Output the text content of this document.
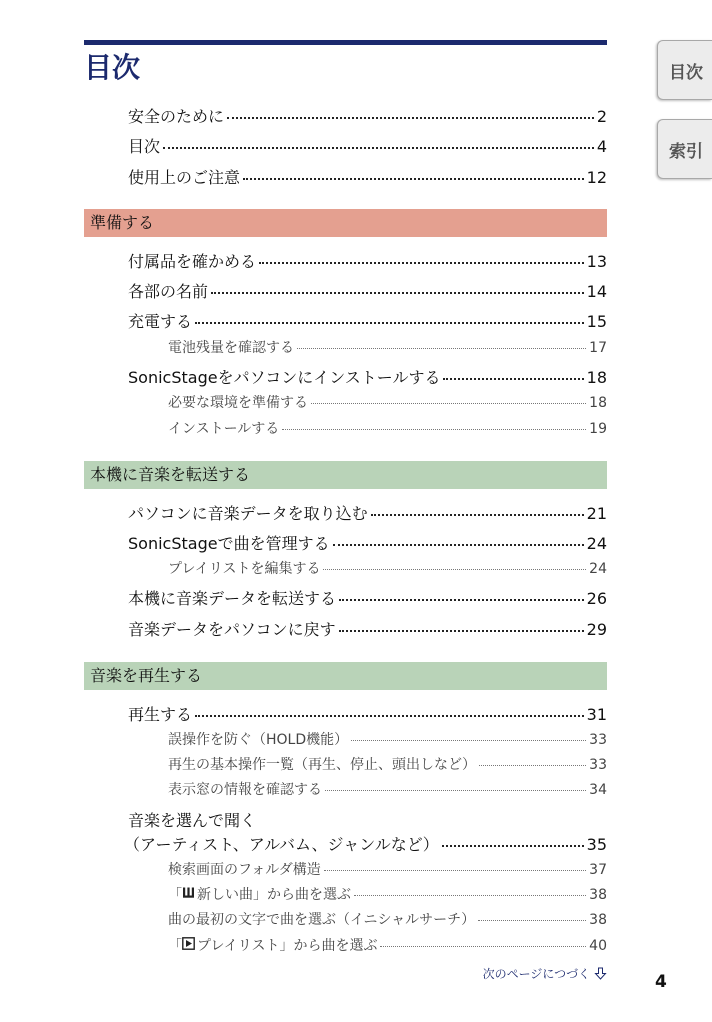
目次	目次
索引
安全のために	2
目次	4
使用上のご注意	12
準備する
付属品を確かめる	13
各部の名前	14
充電する	15
電池残量を確認する	17
SonicStageをパソコンにインストールする	18
必要な環境を準備する	18
インストールする	19
本機に音楽を転送する
パソコンに音楽データを取り込む	21
SonicStageで曲を管理する	24
プレイリストを編集する	24
本機に音楽データを転送する	26
音楽データをパソコンに戻す	29
音楽を再生する
再生する	31
誤操作を防ぐ（HOLD機能）	33
再生の基本操作一覧（再生、停止、頭出しなど）	33
表示窓の情報を確認する	34
音楽を選んで聞く
（アーティスト、アルバム、ジャンルなど）	35
検索画面のフォルダ構造	37
「 新しい曲」から曲を選ぶ	38
曲の最初の文字で曲を選ぶ（イニシャルサーチ）	38
「 プレイリスト」から曲を選ぶ	40
次のページにつづく	4
